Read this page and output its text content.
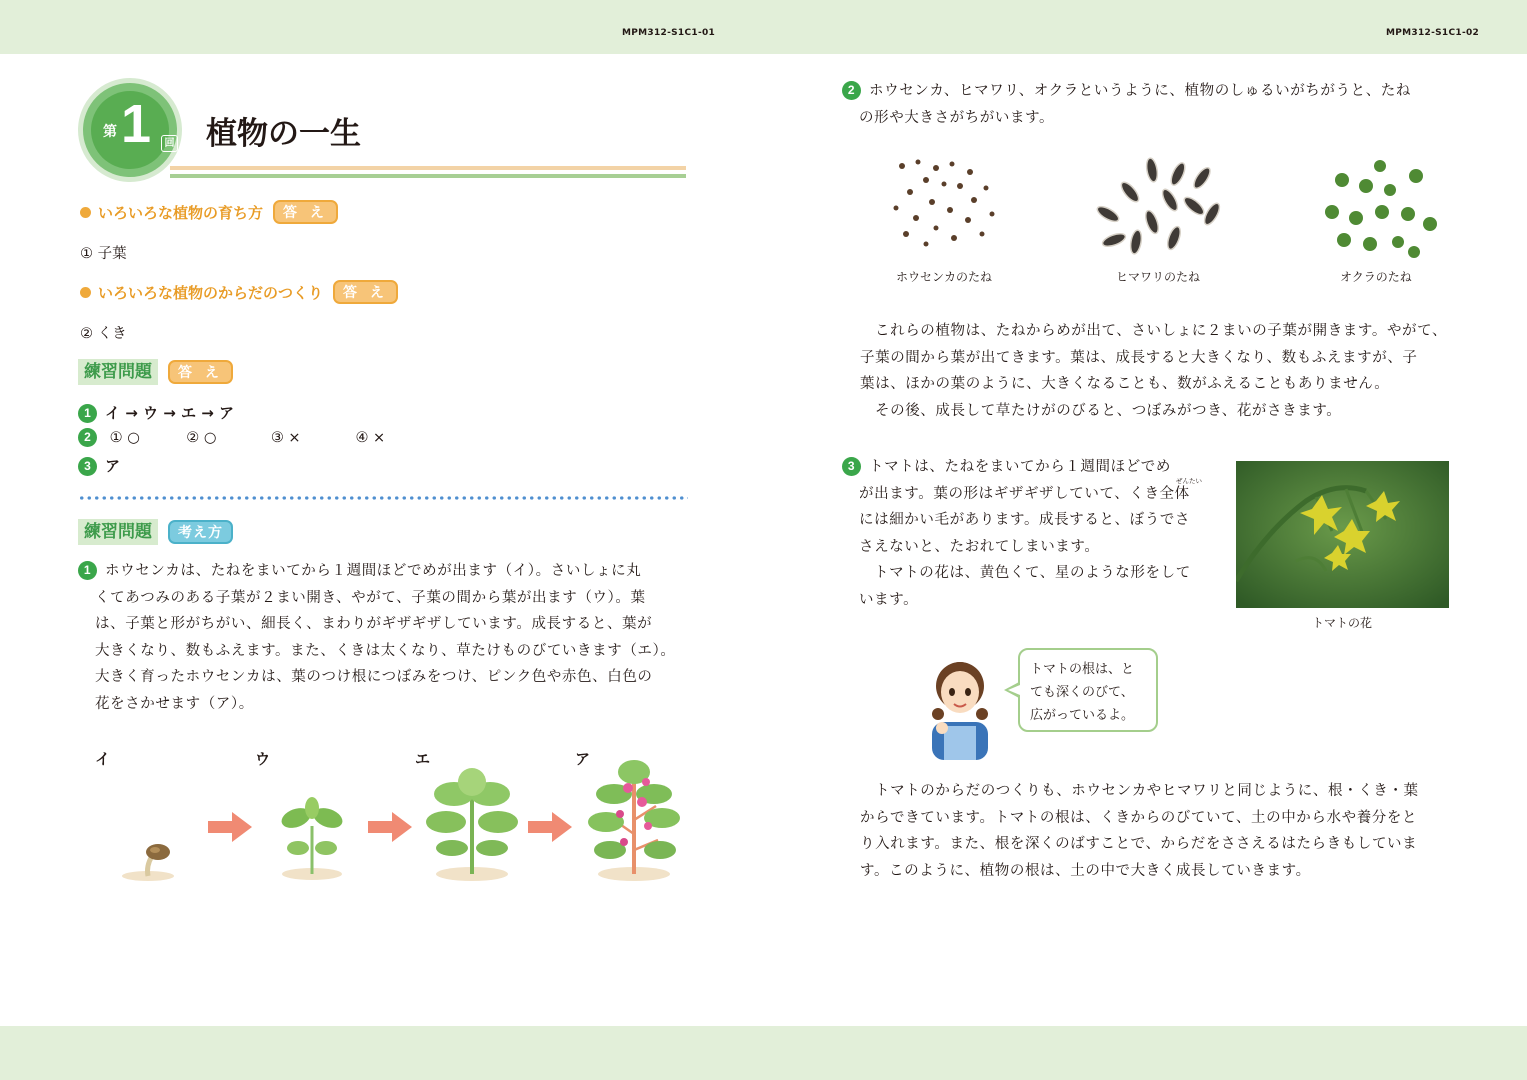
MPM312-S1C1-01	MPM312-S1C1-02
第 1	回 植物の一生
いろいろな植物の育ち方	答 え
① 子葉
いろいろな植物のからだのつくり	答 え
② くき
練習問題	答 え
1 イ → ウ → エ → ア
2 ① ○	② ○	③ ×	④ ×
3 ア
練習問題	考え方
1 ホウセンカは、たねをまいてから１週間ほどでめが出ます（イ）。さいしょに丸
くてあつみのある子葉が２まい開き、やがて、子葉の間から葉が出ます（ウ）。葉
は、子葉と形がちがい、細長く、まわりがギザギザしています。成長すると、葉が
大きくなり、数もふえます。また、くきは太くなり、草たけものびていきます（エ）。
大きく育ったホウセンカは、葉のつけ根につぼみをつけ、ピンク色や赤色、白色の
花をさかせます（ア）。
イ	ウ	エ	ア
2 ホウセンカ、ヒマワリ、オクラというように、植物のしゅるいがちがうと、たね
の形や大きさがちがいます。
ホウセンカのたね	ヒマワリのたね	オクラのたね
これらの植物は、たねからめが出て、さいしょに２まいの子葉が開きます。やがて、
子葉の間から葉が出てきます。葉は、成長すると大きくなり、数もふえますが、子
葉は、ほかの葉のように、大きくなることも、数がふえることもありません。
その後、成長して草たけがのびると、つぼみがつき、花がさきます。
ぜんたい
3 トマトは、たねをまいてから１週間ほどでめ
が出ます。葉の形はギザギザしていて、くき全体
には細かい毛があります。成長すると、ぼうでさ
さえないと、たおれてしまいます。
トマトの花は、黄色くて、星のような形をして
います。
トマトの花
トマトの根は、と
ても深くのびて、
広がっているよ。
トマトのからだのつくりも、ホウセンカやヒマワリと同じように、根・くき・葉
からできています。トマトの根は、くきからのびていて、土の中から水や養分をと
り入れます。また、根を深くのばすことで、からだをささえるはたらきもしていま
す。このように、植物の根は、土の中で大きく成長していきます。
